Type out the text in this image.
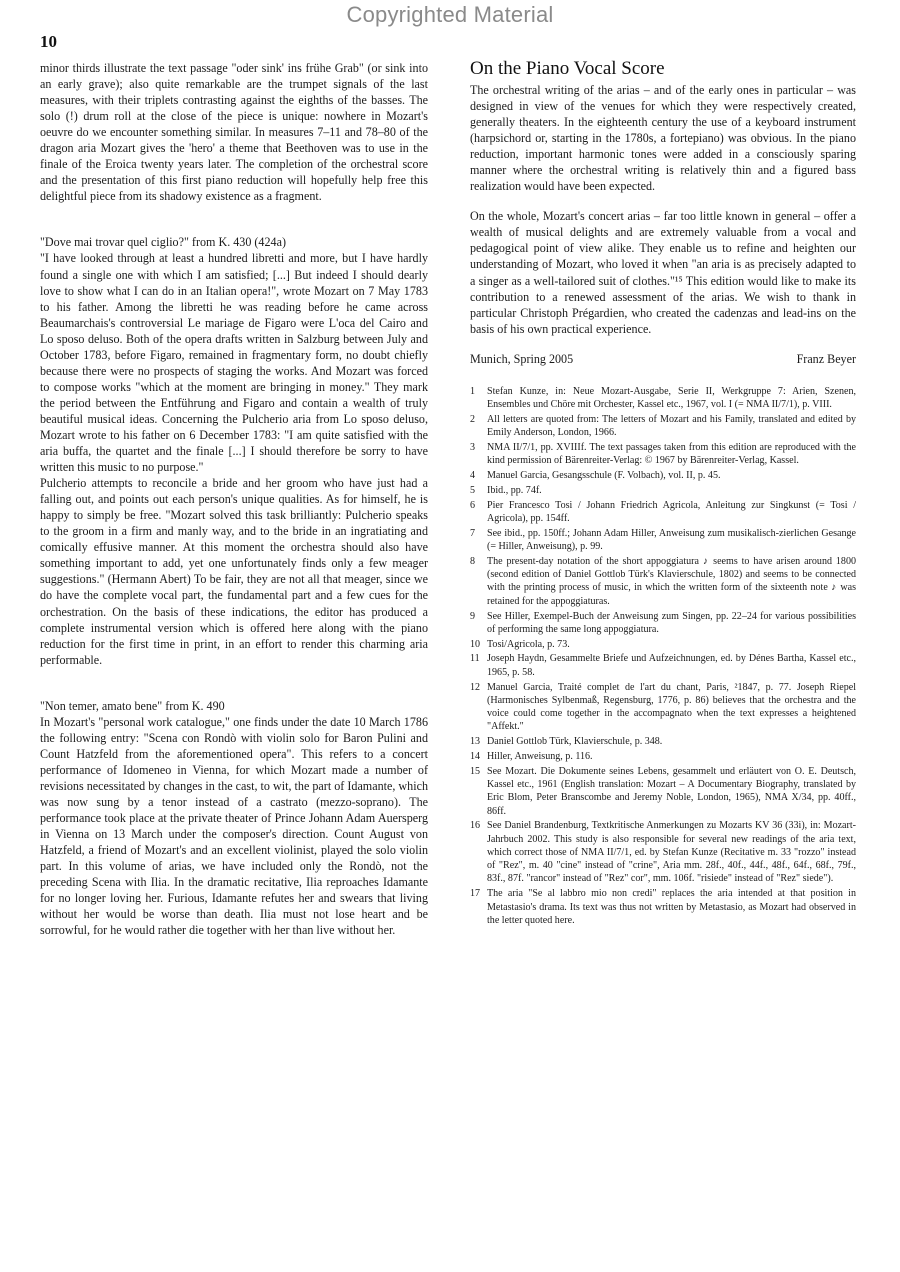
Copyrighted Material
10

minor thirds illustrate the text passage "oder sink' ins frühe Grab" (or sink into an early grave); also quite remarkable are the trumpet signals of the last measures, with their triplets contrasting against the eighths of the basses. The solo (!) drum roll at the close of the piece is unique: nowhere in Mozart's oeuvre do we encounter something similar. In measures 7–11 and 78–80 of the dragon aria Mozart gives the 'hero' a theme that Beethoven was to use in the finale of the Eroica twenty years later. The completion of the orchestral score and the presentation of this first piano reduction will hopefully help free this delightful piece from its shadowy existence as a fragment.

"Dove mai trovar quel ciglio?" from K. 430 (424a)

"I have looked through at least a hundred libretti and more, but I have hardly found a single one with which I am satisfied; [...] But indeed I should dearly love to show what I can do in an Italian opera!", wrote Mozart on 7 May 1783 to his father. Among the libretti he was reading before he came across Beaumarchais's controversial Le mariage de Figaro were L'oca del Cairo and Lo sposo deluso. Both of the opera drafts written in Salzburg between July and October 1783, before Figaro, remained in fragmentary form, no doubt chiefly because there were no prospects of staging the works. And Mozart was forced to compose works "which at the moment are bringing in money." They mark the period between the Entführung and Figaro and contain a wealth of truly beautiful musical ideas. Concerning the Pulcherio aria from Lo sposo deluso, Mozart wrote to his father on 6 December 1783: "I am quite satisfied with the aria buffa, the quartet and the finale [...] I should therefore be sorry to have written this music to no purpose."

Pulcherio attempts to reconcile a bride and her groom who have just had a falling out, and points out each person's unique qualities. As for himself, he is happy to simply be free. "Mozart solved this task brilliantly: Pulcherio speaks to the groom in a firm and manly way, and to the bride in an ingratiating and comically effusive manner. At this moment the orchestra should also have something important to add, yet one unfortunately finds only a few meager suggestions." (Hermann Abert) To be fair, they are not all that meager, since we do have the complete vocal part, the fundamental part and a few cues for the orchestration. On the basis of these indications, the editor has produced a complete instrumental version which is offered here along with the piano reduction for the first time in print, in an effort to render this charming aria performable.

"Non temer, amato bene" from K. 490

In Mozart's "personal work catalogue," one finds under the date 10 March 1786 the following entry: "Scena con Rondò with violin solo for Baron Pulini and Count Hatzfeld from the aforementioned opera". This refers to a concert performance of Idomeneo in Vienna, for which Mozart made a number of revisions necessitated by changes in the cast, to wit, the part of Idamante, which was now sung by a tenor instead of a castrato (mezzo-soprano). The performance took place at the private theater of Prince Johann Adam Auersperg in Vienna on 13 March under the composer's direction. Count August von Hatzfeld, a friend of Mozart's and an excellent violinist, played the solo violin part. In this volume of arias, we have included only the Rondò, not the preceding Scena with Ilia. In the dramatic recitative, Ilia reproaches Idamante for no longer loving her. Furious, Idamante refutes her and swears that living without her would be worse than death. Ilia must not lose heart and be sorrowful, for he would rather die together with her than live without her.

On the Piano Vocal Score

The orchestral writing of the arias – and of the early ones in particular – was designed in view of the venues for which they were respectively created, generally theaters. In the eighteenth century the use of a keyboard instrument (harpsichord or, starting in the 1780s, a fortepiano) was obvious. In the piano reduction, important harmonic tones were added in a consciously sparing manner where the orchestral writing is relatively thin and a figured bass realization would have been expected.

On the whole, Mozart's concert arias – far too little known in general – offer a wealth of musical delights and are extremely valuable from a vocal and pedagogical point of view alike. They enable us to refine and heighten our understanding of Mozart, who loved it when "an aria is as precisely adapted to a singer as a well-tailored suit of clothes."¹⁵ This edition would like to make its contribution to a renewed assessment of the arias. We wish to thank in particular Christoph Prégardien, who created the cadenzas and lead-ins on the basis of his own practical experience.

Munich, Spring 2005	Franz Beyer
1	Stefan Kunze, in: Neue Mozart-Ausgabe, Serie II, Werkgruppe 7: Arien, Szenen, Ensembles und Chöre mit Orchester, Kassel etc., 1967, vol. I (= NMA II/7/1), p. VIII.
2	All letters are quoted from: The letters of Mozart and his Family, translated and edited by Emily Anderson, London, 1966.
3	NMA II/7/1, pp. XVIIIf. The text passages taken from this edition are reproduced with the kind permission of Bärenreiter-Verlag: © 1967 by Bärenreiter-Verlag, Kassel.
4	Manuel Garcia, Gesangsschule (F. Volbach), vol. II, p. 45.
5	Ibid., pp. 74f.
6	Pier Francesco Tosi / Johann Friedrich Agricola, Anleitung zur Singkunst (= Tosi / Agricola), pp. 154ff.
7	See ibid., pp. 150ff.; Johann Adam Hiller, Anweisung zum musikalisch-zierlichen Gesange (= Hiller, Anweisung), p. 99.
8	The present-day notation of the short appoggiatura ♪ seems to have arisen around 1800 (second edition of Daniel Gottlob Türk's Klavierschule, 1802) and seems to be connected with the printing process of music, in which the written form of the sixteenth note ♪ was retained for the appoggiaturas.
9	See Hiller, Exempel-Buch der Anweisung zum Singen, pp. 22–24 for various possibilities of performing the same long appoggiatura.
10 Tosi/Agricola, p. 73.
11 Joseph Haydn, Gesammelte Briefe und Aufzeichnungen, ed. by Dénes Bartha, Kassel etc., 1965, p. 58.
12 Manuel Garcia, Traité complet de l'art du chant, Paris, ²1847, p. 77. Joseph Riepel (Harmonisches Sylbenmaß, Regensburg, 1776, p. 86) believes that the orchestra and the voice could come together in the accompagnato when the text expresses a heightened "Affekt."
13 Daniel Gottlob Türk, Klavierschule, p. 348.
14 Hiller, Anweisung, p. 116.
15 See Mozart. Die Dokumente seines Lebens, gesammelt und erläutert von O. E. Deutsch, Kassel etc., 1961 (English translation: Mozart – A Documentary Biography, translated by Eric Blom, Peter Branscombe and Jeremy Noble, London, 1965), NMA X/34, pp. 40ff., 86ff.
16 See Daniel Brandenburg, Textkritische Anmerkungen zu Mozarts KV 36 (33i), in: Mozart-Jahrbuch 2002. This study is also responsible for several new readings of the aria text, which correct those of NMA II/7/1, ed. by Stefan Kunze (Recitative m. 33 "rozzo" instead of "Rez", m. 40 "cine" instead of "crine", Aria mm. 28f., 40f., 44f., 48f., 64f., 68f., 79f., 83f., 87f. "rancor" instead of "Rez" cor", mm. 106f. "risiede" instead of "Rez" siede").
17 The aria "Se al labbro mio non credi" replaces the aria intended at that position in Metastasio's drama. Its text was thus not written by Metastasio, as Mozart had observed in the letter quoted here.
